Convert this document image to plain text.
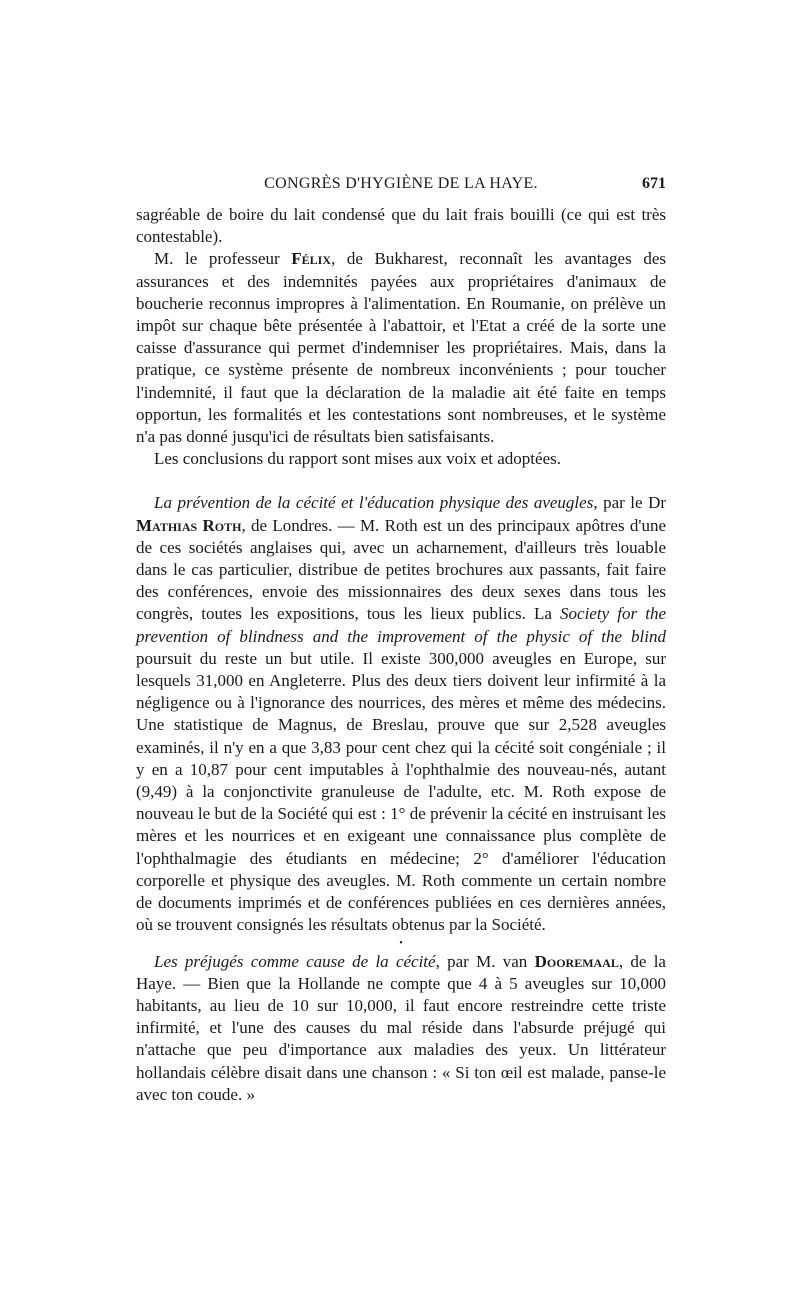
CONGRÈS D'HYGIÈNE DE LA HAYE.	671

sagréable de boire du lait condensé que du lait frais bouilli (ce qui est très contestable).

M. le professeur Félix, de Bukharest, reconnaît les avantages des assurances et des indemnités payées aux propriétaires d'animaux de boucherie reconnus impropres à l'alimentation. En Roumanie, on prélève un impôt sur chaque bête présentée à l'abattoir, et l'Etat a créé de la sorte une caisse d'assurance qui permet d'indemniser les propriétaires. Mais, dans la pratique, ce système présente de nombreux inconvénients ; pour toucher l'indemnité, il faut que la déclaration de la maladie ait été faite en temps opportun, les formalités et les contestations sont nombreuses, et le système n'a pas donné jusqu'ici de résultats bien satisfaisants.

Les conclusions du rapport sont mises aux voix et adoptées.

La prévention de la cécité et l'éducation physique des aveugles, par le Dr Mathias Roth, de Londres. — M. Roth est un des principaux apôtres d'une de ces sociétés anglaises qui, avec un acharnement, d'ailleurs très louable dans le cas particulier, distribue de petites brochures aux passants, fait faire des conférences, envoie des missionnaires des deux sexes dans tous les congrès, toutes les expositions, tous les lieux publics. La Society for the prevention of blindness and the improvement of the physic of the blind poursuit du reste un but utile. Il existe 300,000 aveugles en Europe, sur lesquels 31,000 en Angleterre. Plus des deux tiers doivent leur infirmité à la négligence ou à l'ignorance des nourrices, des mères et même des médecins. Une statistique de Magnus, de Breslau, prouve que sur 2,528 aveugles examinés, il n'y en a que 3,83 pour cent chez qui la cécité soit congéniale ; il y en a 10,87 pour cent imputables à l'ophthalmie des nouveau-nés, autant (9,49) à la conjonctivite granuleuse de l'adulte, etc. M. Roth expose de nouveau le but de la Société qui est : 1° de prévenir la cécité en instruisant les mères et les nourrices et en exigeant une connaissance plus complète de l'ophthalmagie des étudiants en médecine; 2° d'améliorer l'éducation corporelle et physique des aveugles. M. Roth commente un certain nombre de documents imprimés et de conférences publiées en ces dernières années, où se trouvent consignés les résultats obtenus par la Société.

•

Les préjugés comme cause de la cécité, par M. van Dooremaal, de la Haye. — Bien que la Hollande ne compte que 4 à 5 aveugles sur 10,000 habitants, au lieu de 10 sur 10,000, il faut encore restreindre cette triste infirmité, et l'une des causes du mal réside dans l'absurde préjugé qui n'attache que peu d'importance aux maladies des yeux. Un littérateur hollandais célèbre disait dans une chanson : « Si ton œil est malade, panse-le avec ton coude. »
